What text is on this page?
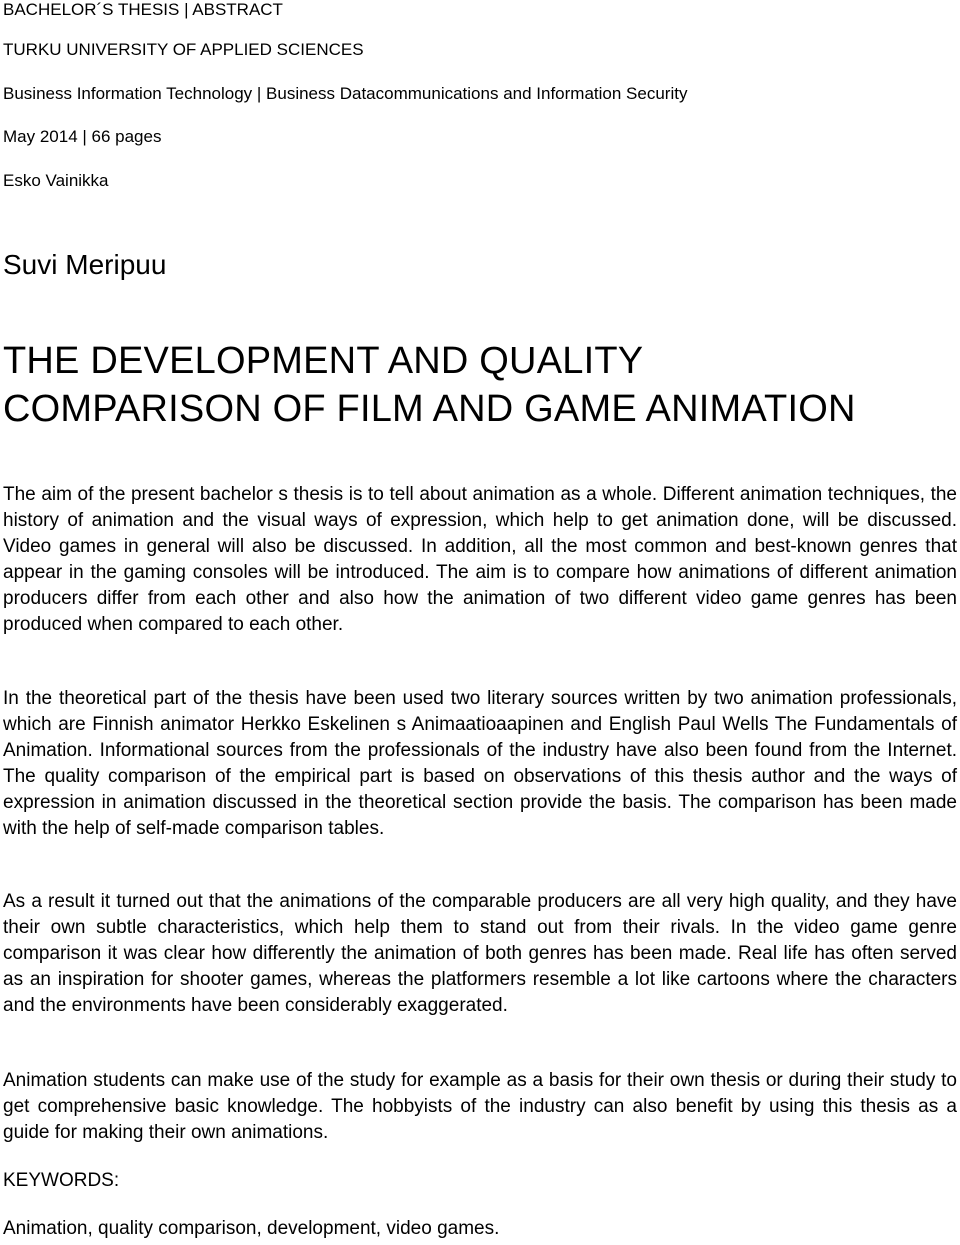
BACHELOR´S THESIS | ABSTRACT
TURKU UNIVERSITY OF APPLIED SCIENCES
Business Information Technology | Business Datacommunications and Information Security
May 2014 | 66 pages
Esko Vainikka
Suvi Meripuu
THE DEVELOPMENT AND QUALITY
COMPARISON OF FILM AND GAME ANIMATION

The aim of the present bachelor s thesis is to tell about animation as a whole. Different animation techniques, the history of animation and the visual ways of expression, which help to get animation done, will be discussed. Video games in general will also be discussed. In addition, all the most common and best-known genres that appear in the gaming consoles will be introduced. The aim is to compare how animations of different animation producers differ from each other and also how the animation of two different video game genres has been produced when compared to each other.

In the theoretical part of the thesis have been used two literary sources written by two animation professionals, which are Finnish animator Herkko Eskelinen s Animaatioaapinen and English Paul Wells The Fundamentals of Animation. Informational sources from the professionals of the industry have also been found from the Internet. The quality comparison of the empirical part is based on observations of this thesis author and the ways of expression in animation discussed in the theoretical section provide the basis. The comparison has been made with the help of self-made comparison tables.

As a result it turned out that the animations of the comparable producers are all very high quality, and they have their own subtle characteristics, which help them to stand out from their rivals. In the video game genre comparison it was clear how differently the animation of both genres has been made. Real life has often served as an inspiration for shooter games, whereas the platformers resemble a lot like cartoons where the characters and the environments have been considerably exaggerated.

Animation students can make use of the study for example as a basis for their own thesis or during their study to get comprehensive basic knowledge. The hobbyists of the industry can also benefit by using this thesis as a guide for making their own animations.

KEYWORDS:
Animation, quality comparison, development, video games.
